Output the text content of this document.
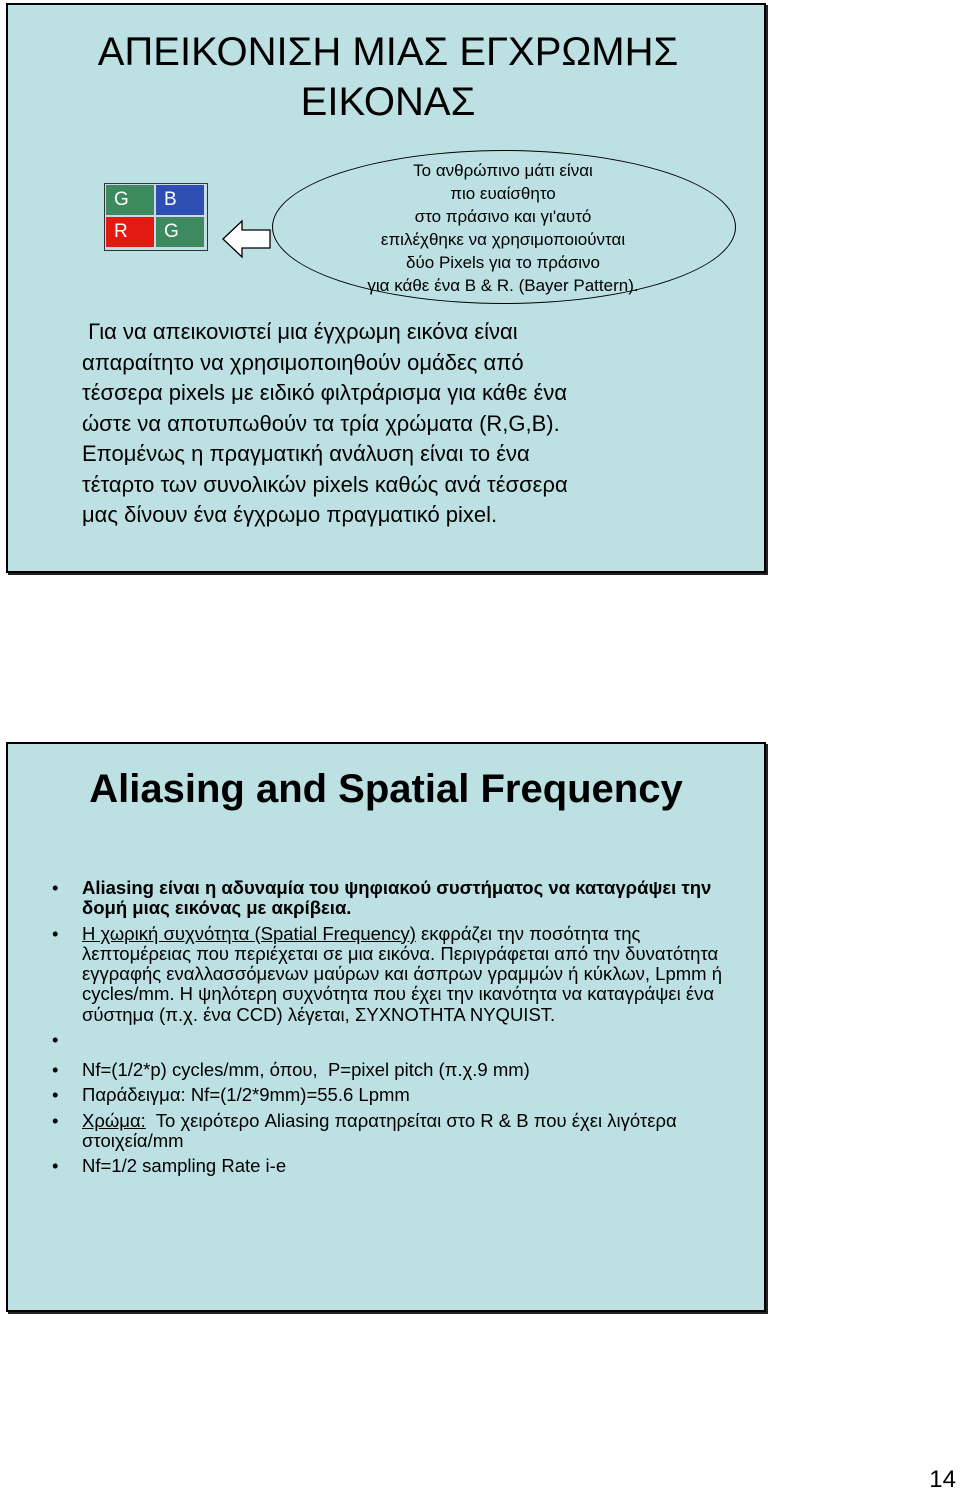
ΑΠΕΙΚΟΝΙΣΗ ΜΙΑΣ ΕΓΧΡΩΜΗΣ ΕΙΚΟΝΑΣ
G	B
R	G
Το ανθρώπινο μάτι είναι
πιο ευαίσθητο
στο πράσινο και γι'αυτό
επιλέχθηκε να χρησιμοποιούνται
δύο Pixels για το πράσινο
για κάθε ένα B & R. (Bayer Pattern).
Για να απεικονιστεί μια έγχρωμη εικόνα είναι
απαραίτητο να χρησιμοποιηθούν ομάδες από
τέσσερα pixels με ειδικό φιλτράρισμα για κάθε ένα
ώστε να αποτυπωθούν τα τρία χρώματα (R,G,B).
Επομένως η πραγματική ανάλυση είναι το ένα
τέταρτο των συνολικών pixels καθώς ανά τέσσερα
μας δίνουν ένα έγχρωμο πραγματικό pixel.
Aliasing and Spatial Frequency
• Aliasing είναι η αδυναμία του ψηφιακού συστήματος να καταγράψει την δομή μιας εικόνας με ακρίβεια.
• Η χωρική συχνότητα (Spatial Frequency) εκφράζει την ποσότητα της λεπτομέρειας που περιέχεται σε μια εικόνα. Περιγράφεται από την δυνατότητα εγγραφής εναλλασσόμενων μαύρων και άσπρων γραμμών ή κύκλων, Lpmm ή cycles/mm. Η ψηλότερη συχνότητα που έχει την ικανότητα να καταγράψει ένα σύστημα (π.χ. ένα CCD) λέγεται, ΣΥΧΝΟΤΗΤΑ NYQUIST.
•
• Nf=(1/2*p) cycles/mm, όπου,  P=pixel pitch (π.χ.9 mm)
• Παράδειγμα: Nf=(1/2*9mm)=55.6 Lpmm
• Χρώμα:  Το χειρότερο Aliasing παρατηρείται στο R & B που έχει λιγότερα στοιχεία/mm
• Nf=1/2 sampling Rate i-e
14
